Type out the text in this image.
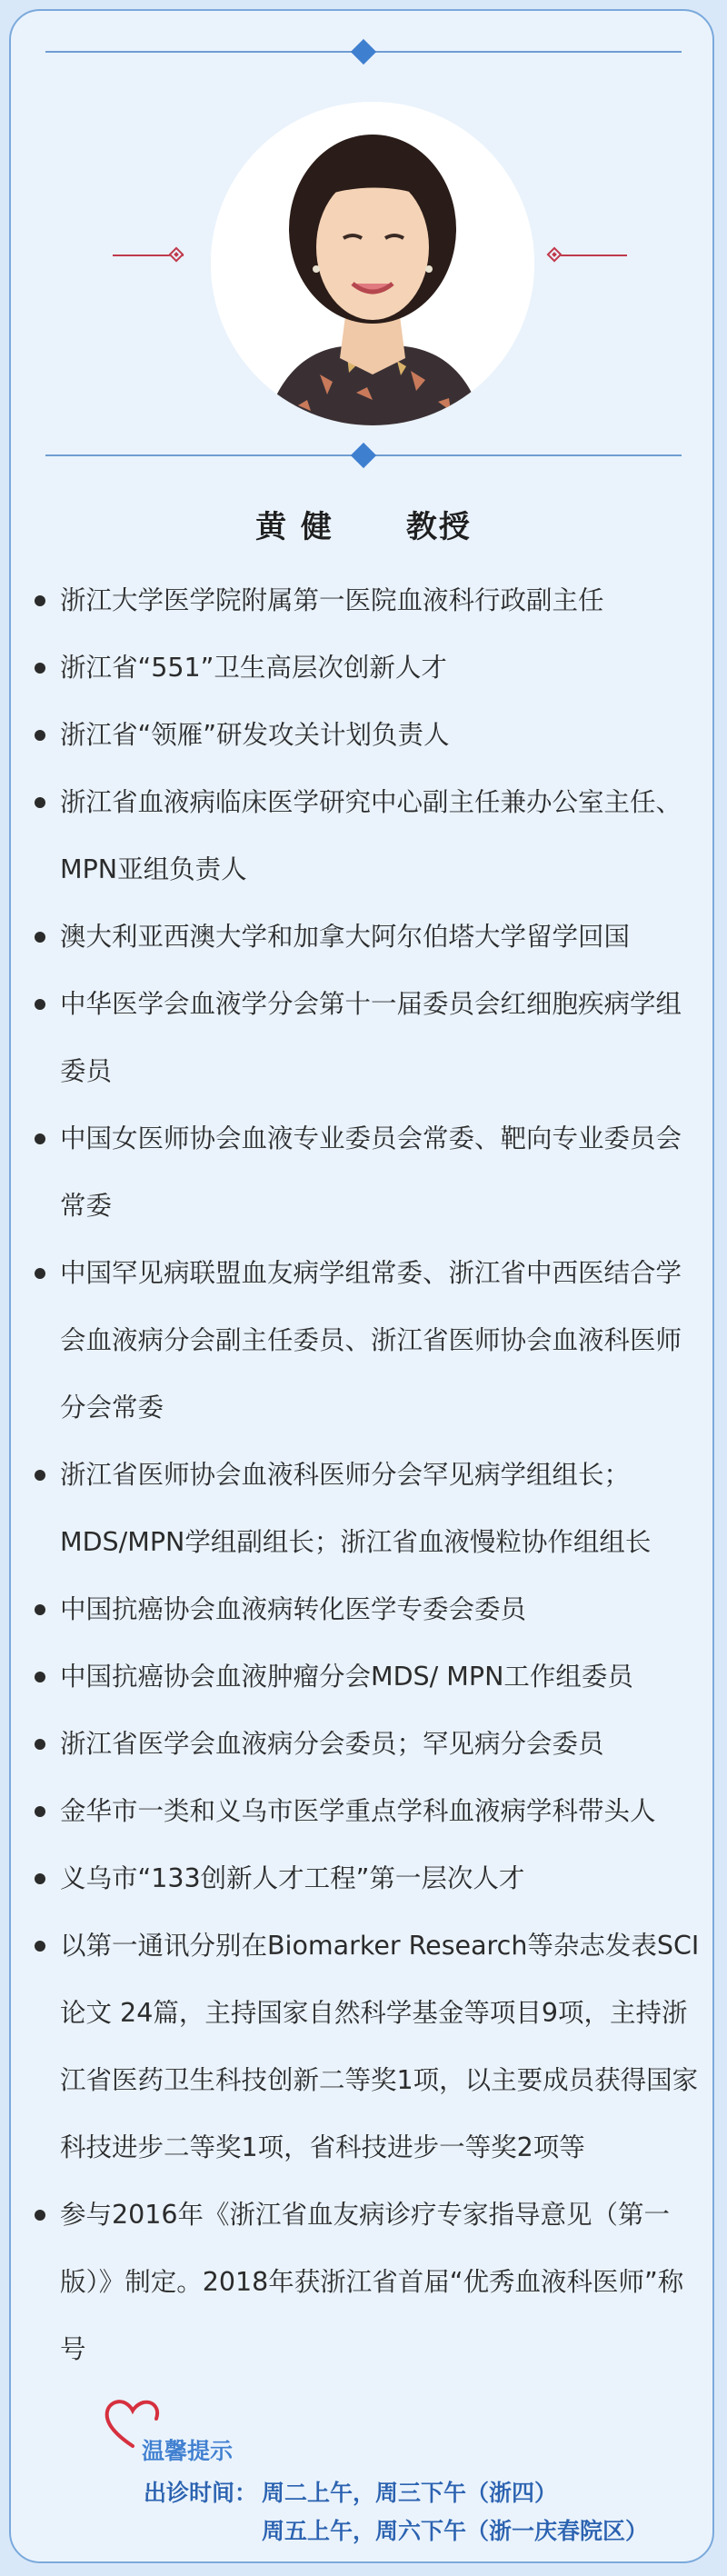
黄 健 教授
浙江大学医学院附属第一医院血液科行政副主任
浙江省“551”卫生高层次创新人才
浙江省“领雁”研发攻关计划负责人
浙江省血液病临床医学研究中心副主任兼办公室主任、MPN亚组负责人
澳大利亚西澳大学和加拿大阿尔伯塔大学留学回国
中华医学会血液学分会第十一届委员会红细胞疾病学组委员
中国女医师协会血液专业委员会常委、靶向专业委员会常委
中国罕见病联盟血友病学组常委、浙江省中西医结合学会血液病分会副主任委员、浙江省医师协会血液科医师分会常委
浙江省医师协会血液科医师分会罕见病学组组长；MDS/MPN学组副组长；浙江省血液慢粒协作组组长
中国抗癌协会血液病转化医学专委会委员
中国抗癌协会血液肿瘤分会MDS/ MPN工作组委员
浙江省医学会血液病分会委员；罕见病分会委员
金华市一类和义乌市医学重点学科血液病学科带头人
义乌市“133创新人才工程”第一层次人才
以第一通讯分别在Biomarker Research等杂志发表SCI论文 24篇，主持国家自然科学基金等项目9项，主持浙江省医药卫生科技创新二等奖1项，以主要成员获得国家科技进步二等奖1项，省科技进步一等奖2项等
参与2016年《浙江省血友病诊疗专家指导意见（第一版）》制定。2018年获浙江省首届“优秀血液科医师”称号
温馨提示
出诊时间： 周二上午，周三下午（浙四）
周五上午，周六下午（浙一庆春院区）
